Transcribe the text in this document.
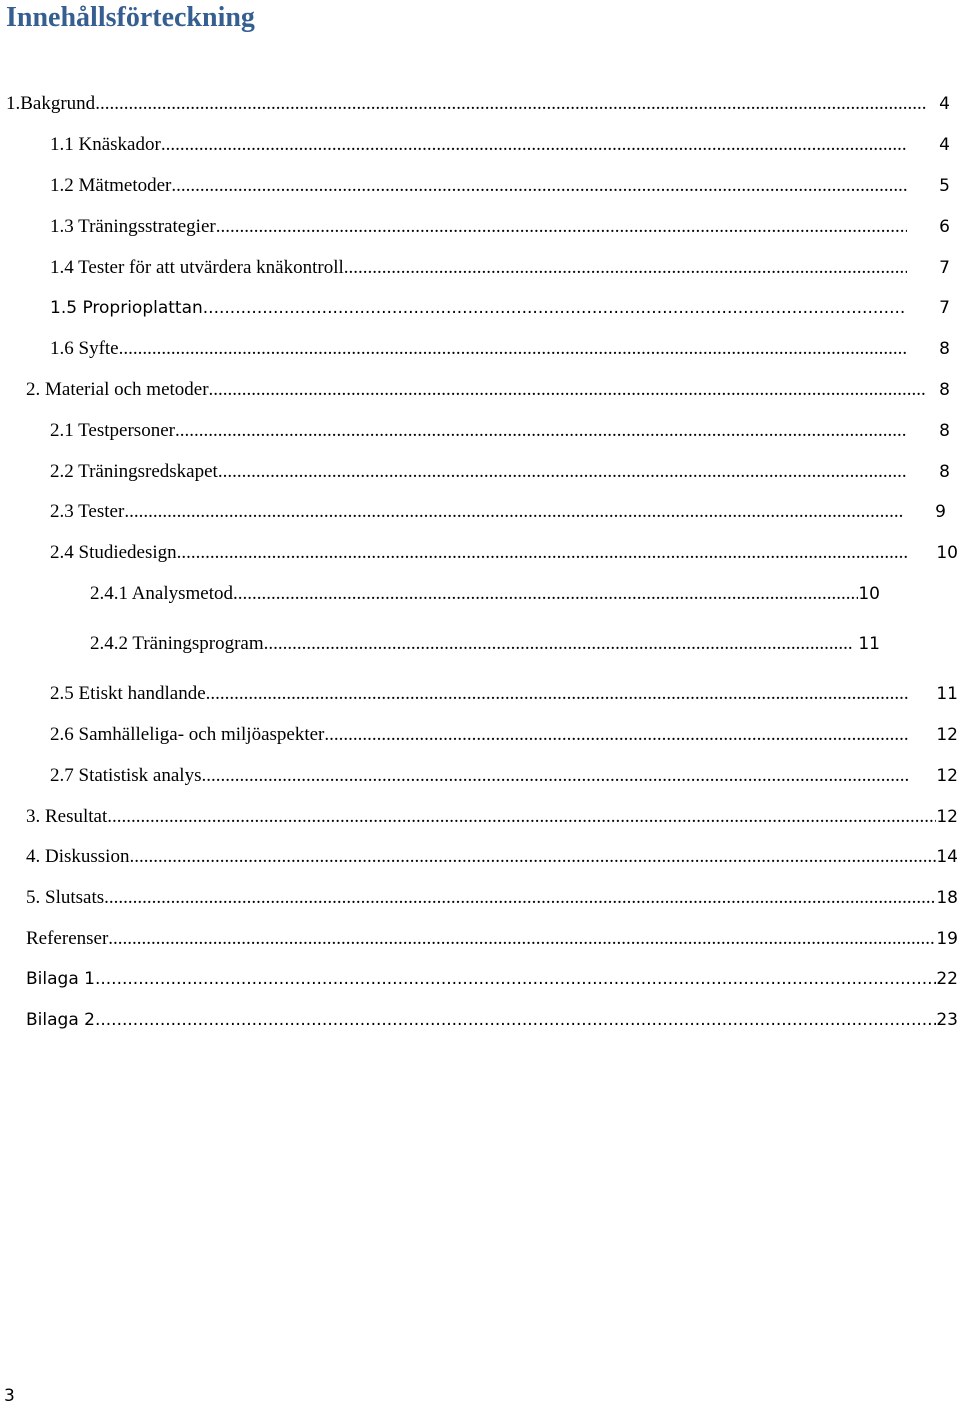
Innehållsförteckning
1.Bakgrund .....	4
1.1 Knäskador .....	4
1.2 Mätmetoder .....	5
1.3 Träningsstrategier .....	6
1.4 Tester för att utvärdera knäkontroll .....	7
1.5 Proprioplattan .....	7
1.6 Syfte .....	8
2. Material och metoder .....	8
2.1 Testpersoner .....	8
2.2 Träningsredskapet .....	8
2.3 Tester .....	9
2.4 Studiedesign .....	10
2.4.1 Analysmetod .....	10
2.4.2 Träningsprogram .....	11
2.5 Etiskt handlande .....	11
2.6 Samhälleliga- och miljöaspekter .....	12
2.7 Statistisk analys .....	12
3. Resultat .....	12
4. Diskussion .....	14
5. Slutsats .....	18
Referenser .....	19
Bilaga 1 .....	22
Bilaga 2 .....	23
3
